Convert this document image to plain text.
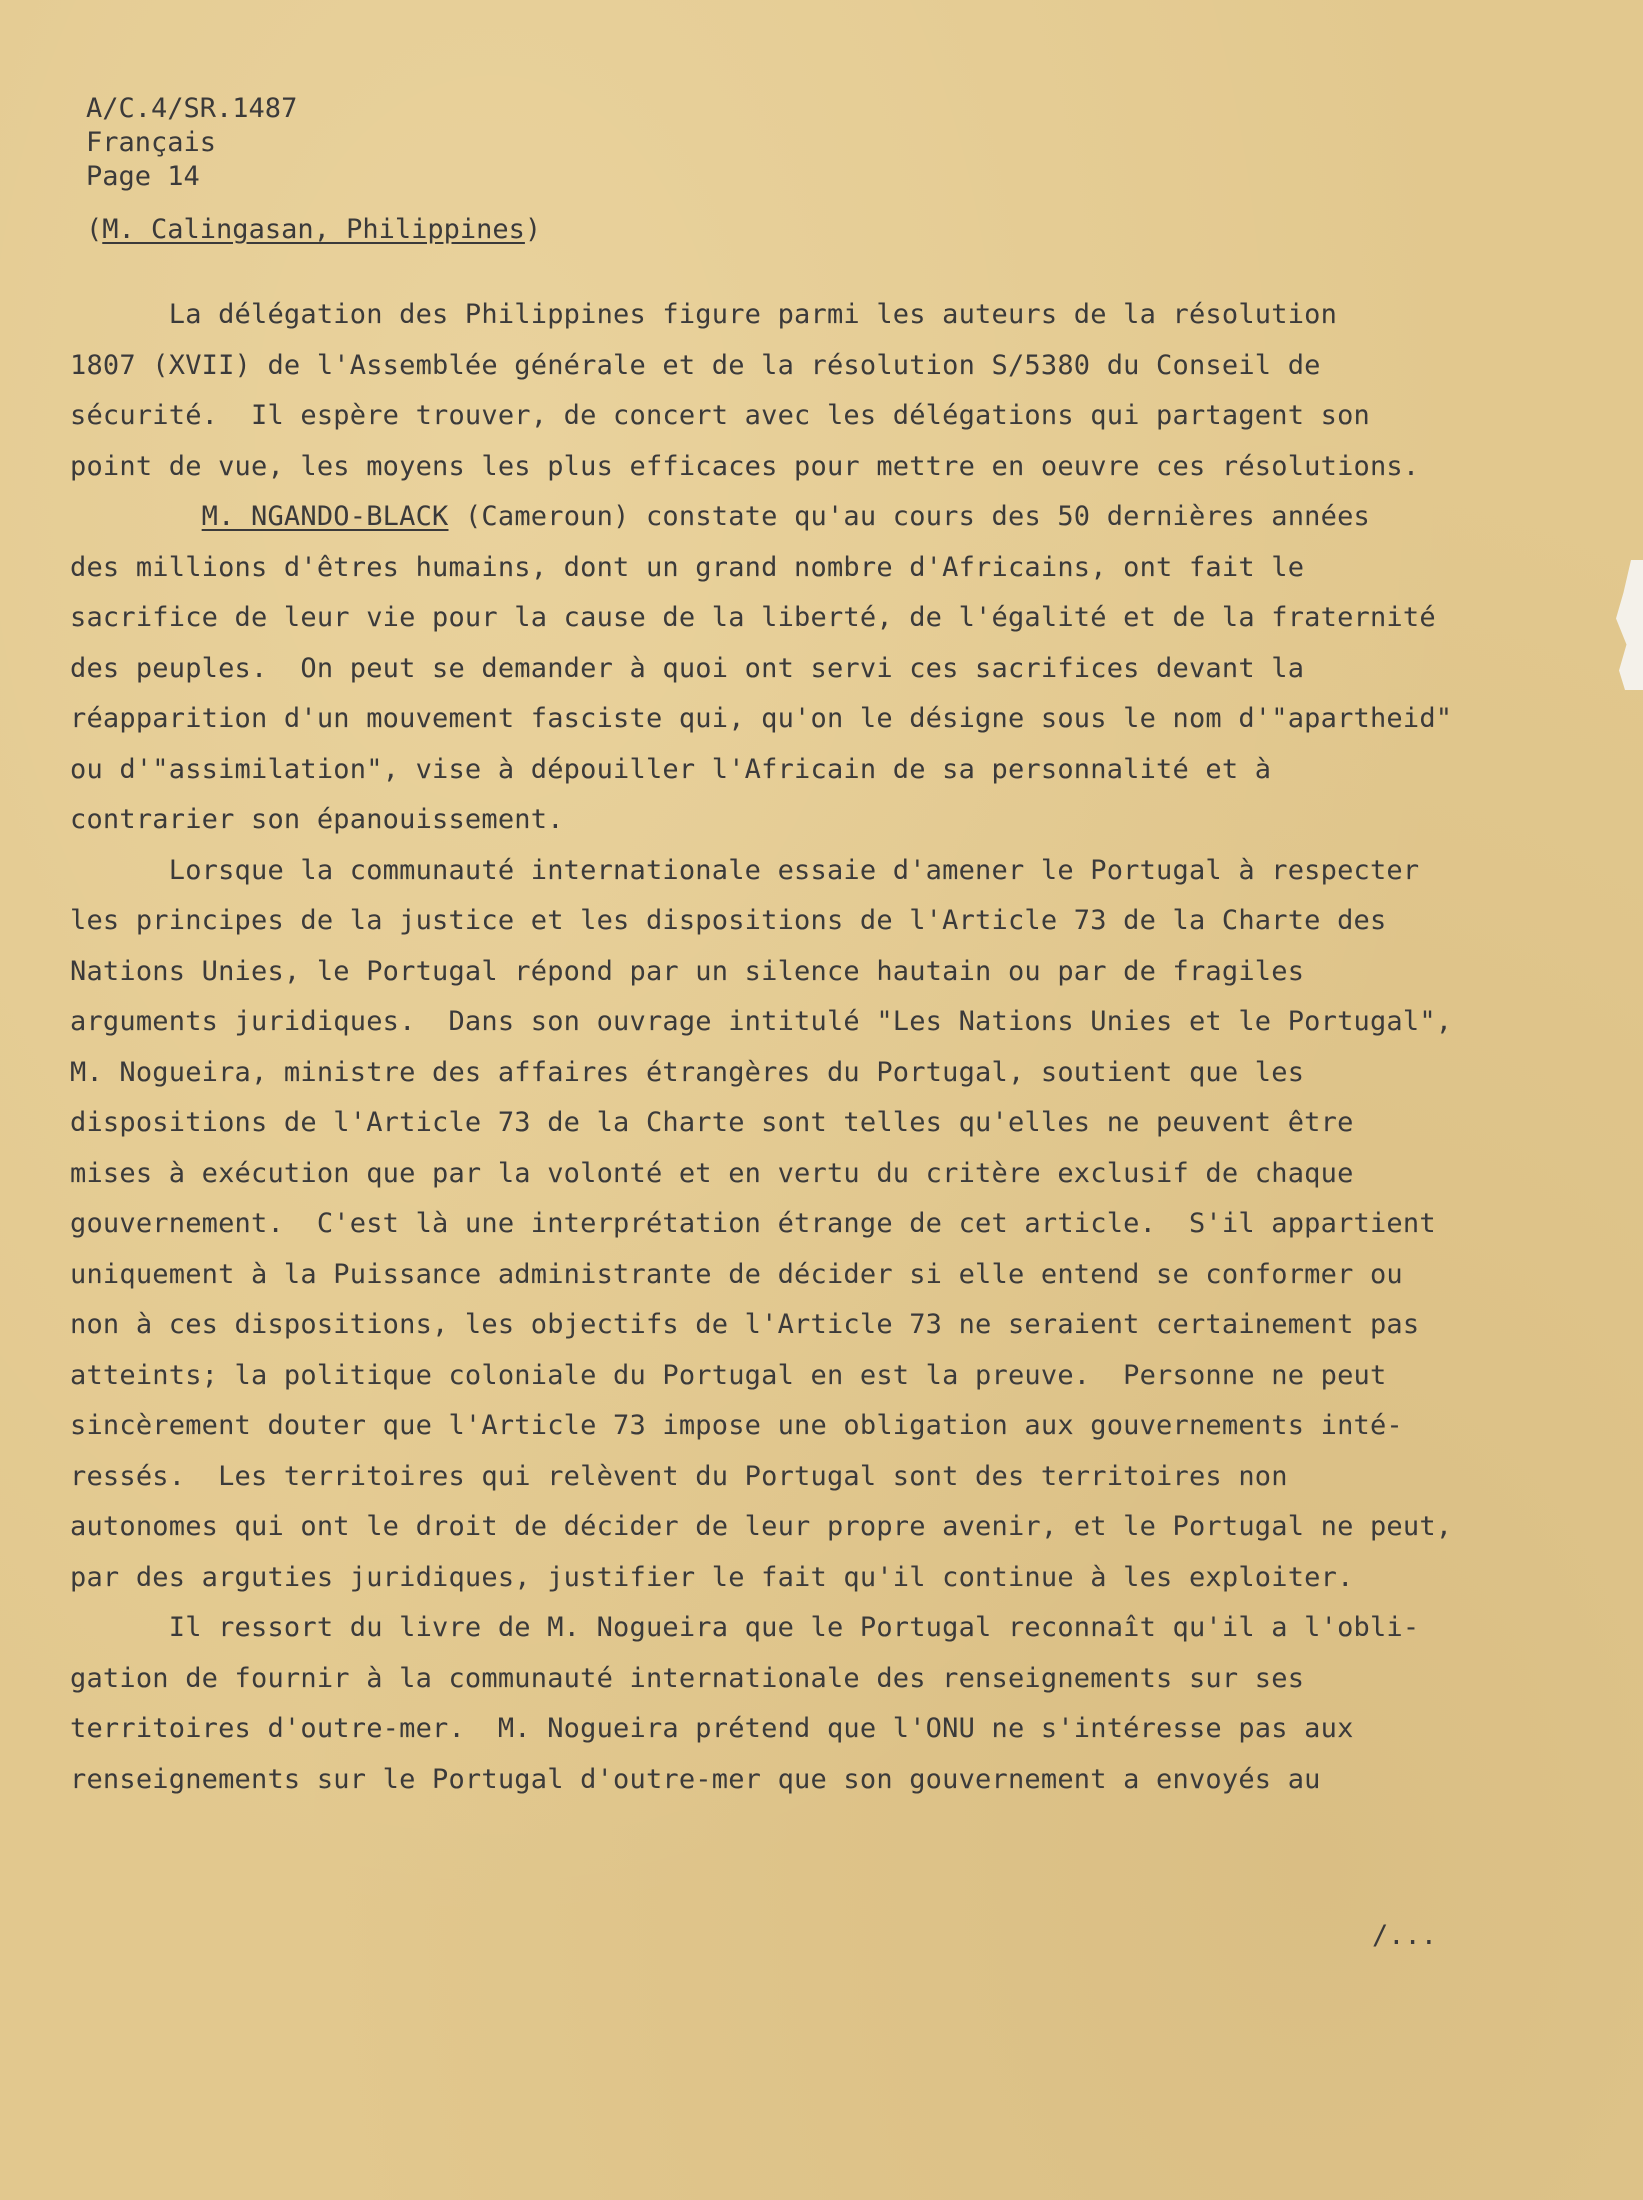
A/C.4/SR.1487
Français
Page 14
(M. Calingasan, Philippines)
La délégation des Philippines figure parmi les auteurs de la résolution
1807 (XVII) de l'Assemblée générale et de la résolution S/5380 du Conseil de
sécurité.  Il espère trouver, de concert avec les délégations qui partagent son
point de vue, les moyens les plus efficaces pour mettre en oeuvre ces résolutions.
M. NGANDO-BLACK (Cameroun) constate qu'au cours des 50 dernières années
des millions d'êtres humains, dont un grand nombre d'Africains, ont fait le
sacrifice de leur vie pour la cause de la liberté, de l'égalité et de la fraternité
des peuples.  On peut se demander à quoi ont servi ces sacrifices devant la
réapparition d'un mouvement fasciste qui, qu'on le désigne sous le nom d'"apartheid"
ou d'"assimilation", vise à dépouiller l'Africain de sa personnalité et à
contrarier son épanouissement.
Lorsque la communauté internationale essaie d'amener le Portugal à respecter
les principes de la justice et les dispositions de l'Article 73 de la Charte des
Nations Unies, le Portugal répond par un silence hautain ou par de fragiles
arguments juridiques.  Dans son ouvrage intitulé "Les Nations Unies et le Portugal",
M. Nogueira, ministre des affaires étrangères du Portugal, soutient que les
dispositions de l'Article 73 de la Charte sont telles qu'elles ne peuvent être
mises à exécution que par la volonté et en vertu du critère exclusif de chaque
gouvernement.  C'est là une interprétation étrange de cet article.  S'il appartient
uniquement à la Puissance administrante de décider si elle entend se conformer ou
non à ces dispositions, les objectifs de l'Article 73 ne seraient certainement pas
atteints; la politique coloniale du Portugal en est la preuve.  Personne ne peut
sincèrement douter que l'Article 73 impose une obligation aux gouvernements inté-
ressés.  Les territoires qui relèvent du Portugal sont des territoires non
autonomes qui ont le droit de décider de leur propre avenir, et le Portugal ne peut,
par des arguties juridiques, justifier le fait qu'il continue à les exploiter.
Il ressort du livre de M. Nogueira que le Portugal reconnaît qu'il a l'obli-
gation de fournir à la communauté internationale des renseignements sur ses
territoires d'outre-mer.  M. Nogueira prétend que l'ONU ne s'intéresse pas aux
renseignements sur le Portugal d'outre-mer que son gouvernement a envoyés au
/...
